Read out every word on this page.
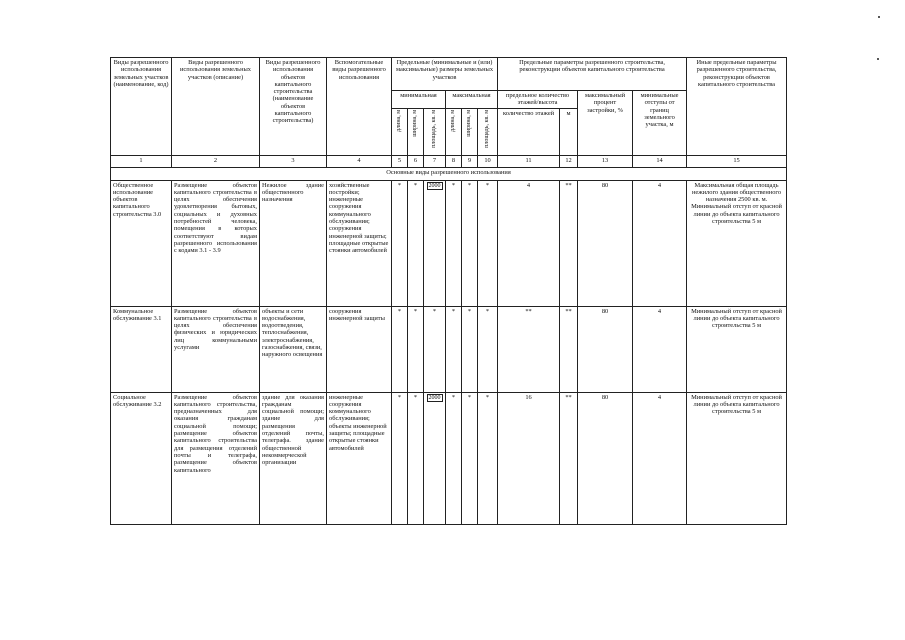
Виды разрешенного использования земельных участков (наименование, код)	Виды разрешенного использования земельных участков (описание)	Виды разрешенного использования объектов капитального строительства (наименование объектов капитального строительства)	Вспомогательные виды разрешенного использования	Предельные (минимальные и (или) максимальные) размеры земельных участков						Предельные параметры разрешенного строительства, реконструкции объектов капитального строительства				Иные предельные параметры разрешенного строительства, реконструкции объектов капитального строительства
				минимальная			максимальная			предельное количество этажей/высота		максимальный процент застройки, %	минимальные отступы от границ земельного участка, м	
				длина, м	ширина, м	площадь, кв. м	длина, м	ширина, м	площадь, кв. м	количество этажей	м			
1	2	3	4	5	6	7	8	9	10	11	12	13	14	15
Основные виды разрешенного использования														
Общественное использование объектов капитального строительства 3.0	Размещение объектов капитального строительства в целях обеспечения удовлетворения бытовых, социальных и духовных потребностей человека, помещения в которых соответствуют видам разрешенного использования с кодами 3.1 - 3.9	Нежилое здание общественного назначения	хозяйственные постройки; инженерные сооружения коммунального обслуживания; сооружения инженерной защиты; площадные открытые стоянки автомобилей	*	*	2000	*	*	*	4	**	80	4	Максимальная общая площадь нежилого здания общественного назначения 2500 кв. м. Минимальный отступ от красной линии до объекта капитального строительства 5 м
Коммунальное обслуживание 3.1	Размещение объектов капитального строительства в целях обеспечения физических и юридических лиц коммунальными услугами	объекты и сети водоснабжения, водоотведения, теплоснабжения, электроснабжения, газоснабжения, связи, наружного освещения	сооружения инженерной защиты	*	*	*	*	*	*	**	**	80	4	Минимальный отступ от красной линии до объекта капитального строительства 5 м
Социальное обслуживание 3.2	Размещение объектов капитального строительства, предназначенных для оказания гражданам социальной помощи; размещение объектов капитального строительства для размещения отделений почты и телеграфа, размещение объектов капитального	здание для оказания гражданам социальной помощи; здание для размещения отделений почты, телеграфа. здание общественной некоммерческой организации	инженерные сооружения коммунального обслуживания; объекты инженерной защиты; площадные открытые стоянки автомобилей	*	*	2000	*	*	*	16	**	80	4	Минимальный отступ от красной линии до объекта капитального строительства 5 м
